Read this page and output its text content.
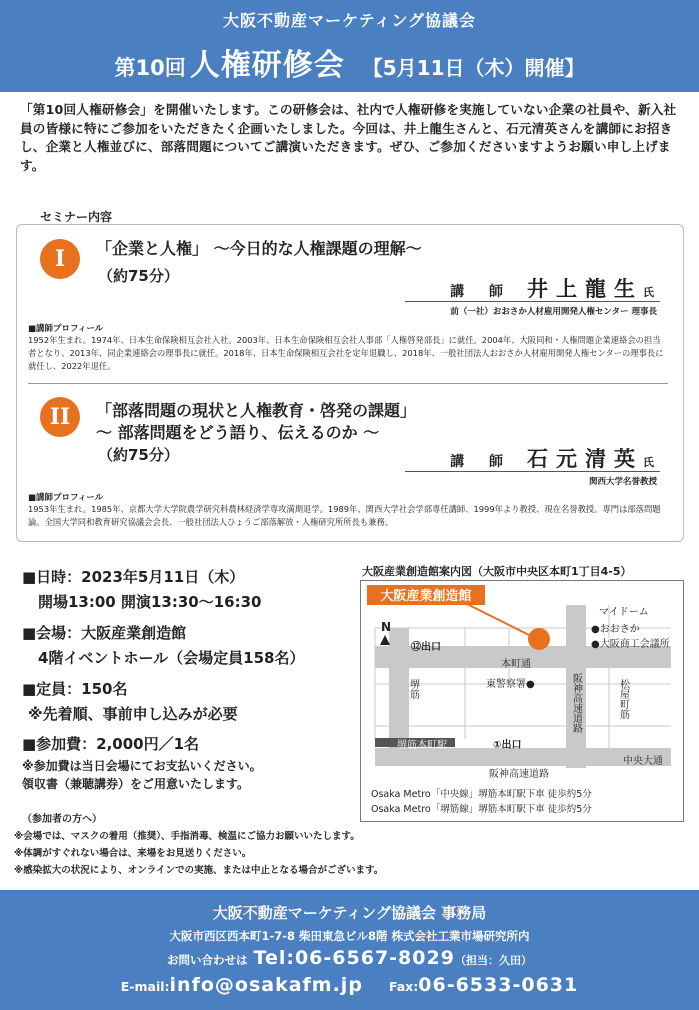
大阪不動産マーケティング協議会
第10回 人権研修会 【5月11日（木）開催】
「第10回人権研修会」を開催いたします。この研修会は、社内で人権研修を実施していない企業の社員や、新入社員の皆様に特にご参加をいただきたく企画いたしました。今回は、井上龍生さんと、石元清英さんを講師にお招きし、企業と人権並びに、部落問題についてご講演いただきます。ぜひ、ご参加くださいますようお願い申し上げます。
セミナー内容
I	「企業と人権」 〜今日的な人権課題の理解〜
（約75分）
講 師 井上龍生氏
前（一社）おおさか人材雇用開発人権センター 理事長
■講師プロフィール
1952年生まれ。1974年、日本生命保険相互会社入社。2003年、日本生命保険相互会社人事部「人権啓発部長」に就任。2004年、大阪同和・人権問題企業連絡会の担当者となり、2013年、同企業連絡会の理事長に就任。2018年、日本生命保険相互会社を定年退職し、2018年、一般社団法人おおさか人材雇用開発人権センターの理事長に就任し、2022年退任。
II	「部落問題の現状と人権教育・啓発の課題」
〜 部落問題をどう語り、伝えるのか 〜
（約75分）	講 師 石元清英氏
関西大学名誉教授
■講師プロフィール
1953年生まれ。1985年、京都大学大学院農学研究科農林経済学専攻満期退学。1989年、関西大学社会学部専任講師、1999年より教授、現在名誉教授。専門は部落問題論。全国大学同和教育研究協議会会長、一般社団法人ひょうご部落解放・人権研究所所長も兼務。
■日時：2023年5月11日（木）
開場13:00 開演13:30〜16:30
■会場：大阪産業創造館
4階イベントホール（会場定員158名）
■定員：150名
※先着順、事前申し込みが必要
■参加費：2,000円／1名
※参加費は当日会場にてお支払いください。
領収書（兼聴講券）をご用意いたします。
大阪産業創造館案内図（大阪市中央区本町1丁目4-5）
大阪産業創造館
N
⑫出口
本町通
東警察署●
堺筋	阪神高速道路	松屋町筋
マイドーム
●おおさか
●大阪商工会議所
①出口
堺筋本町駅
中央大通
阪神高速道路
Osaka Metro「中央線」堺筋本町駅下車 徒歩約5分
Osaka Metro「堺筋線」堺筋本町駅下車 徒歩約5分
（参加者の方へ）
※会場では、マスクの着用（推奨）、手指消毒、検温にご協力お願いいたします。
※体調がすぐれない場合は、来場をお見送りください。
※感染拡大の状況により、オンラインでの実施、または中止となる場合がございます。
大阪不動産マーケティング協議会 事務局
大阪市西区西本町1-7-8 柴田東急ビル8階 株式会社工業市場研究所内
お問い合わせは Tel:06-6567-8029（担当：久田）
E-mail:info@osakafm.jp Fax:06-6533-0631
